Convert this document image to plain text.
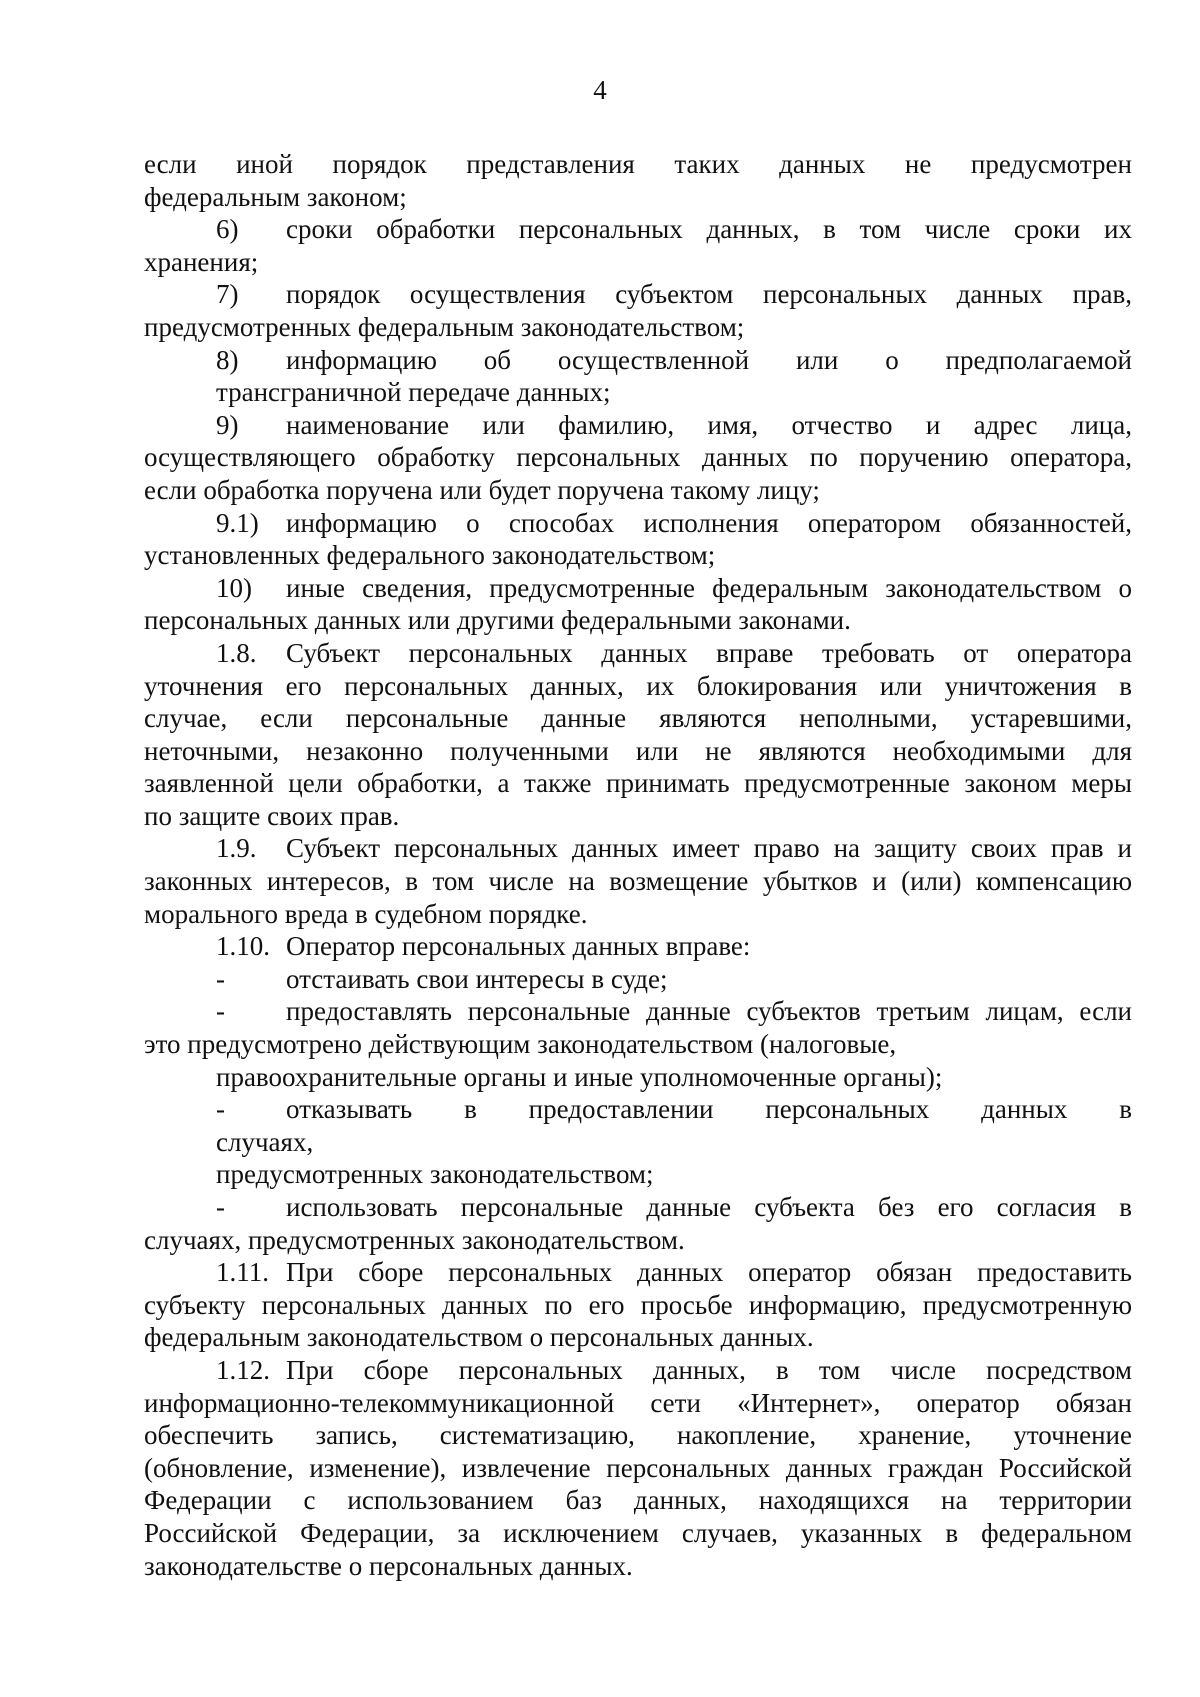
4
если иной порядок представления таких данных не предусмотрен
федеральным законом;
6)	сроки обработки персональных данных, в том числе сроки их
хранения;
7)	порядок осуществления субъектом персональных данных прав,
предусмотренных федеральным законодательством;
8)	информацию об осуществленной или о предполагаемой
трансграничной передаче данных;
9)	наименование или фамилию, имя, отчество и адрес лица,
осуществляющего обработку персональных данных по поручению оператора,
если обработка поручена или будет поручена такому лицу;
9.1)	информацию о способах исполнения оператором обязанностей,
установленных федерального законодательством;
10)	иные сведения, предусмотренные федеральным законодательством о
персональных данных или другими федеральными законами.
1.8.	Субъект персональных данных вправе требовать от оператора
уточнения его персональных данных, их блокирования или уничтожения в
случае, если персональные данные являются неполными, устаревшими,
неточными, незаконно полученными или не являются необходимыми для
заявленной цели обработки, а также принимать предусмотренные законом меры
по защите своих прав.
1.9.	Субъект персональных данных имеет право на защиту своих прав и
законных интересов, в том числе на возмещение убытков и (или) компенсацию
морального вреда в судебном порядке.
1.10. Оператор персональных данных вправе:
-	отстаивать свои интересы в суде;
-	предоставлять персональные данные субъектов третьим лицам, если
это предусмотрено действующим законодательством (налоговые,
правоохранительные органы и иные уполномоченные органы);
-	отказывать в предоставлении персональных данных в
случаях,
предусмотренных законодательством;
-	использовать персональные данные субъекта без его согласия в
случаях, предусмотренных законодательством.
1.11. При сборе персональных данных оператор обязан предоставить
субъекту персональных данных по его просьбе информацию, предусмотренную
федеральным законодательством о персональных данных.
1.12. При сборе персональных данных, в том числе посредством
информационно-телекоммуникационной сети «Интернет», оператор обязан
обеспечить запись, систематизацию, накопление, хранение, уточнение
(обновление, изменение), извлечение персональных данных граждан Российской
Федерации с использованием баз данных, находящихся на территории
Российской Федерации, за исключением случаев, указанных в федеральном
законодательстве о персональных данных.
